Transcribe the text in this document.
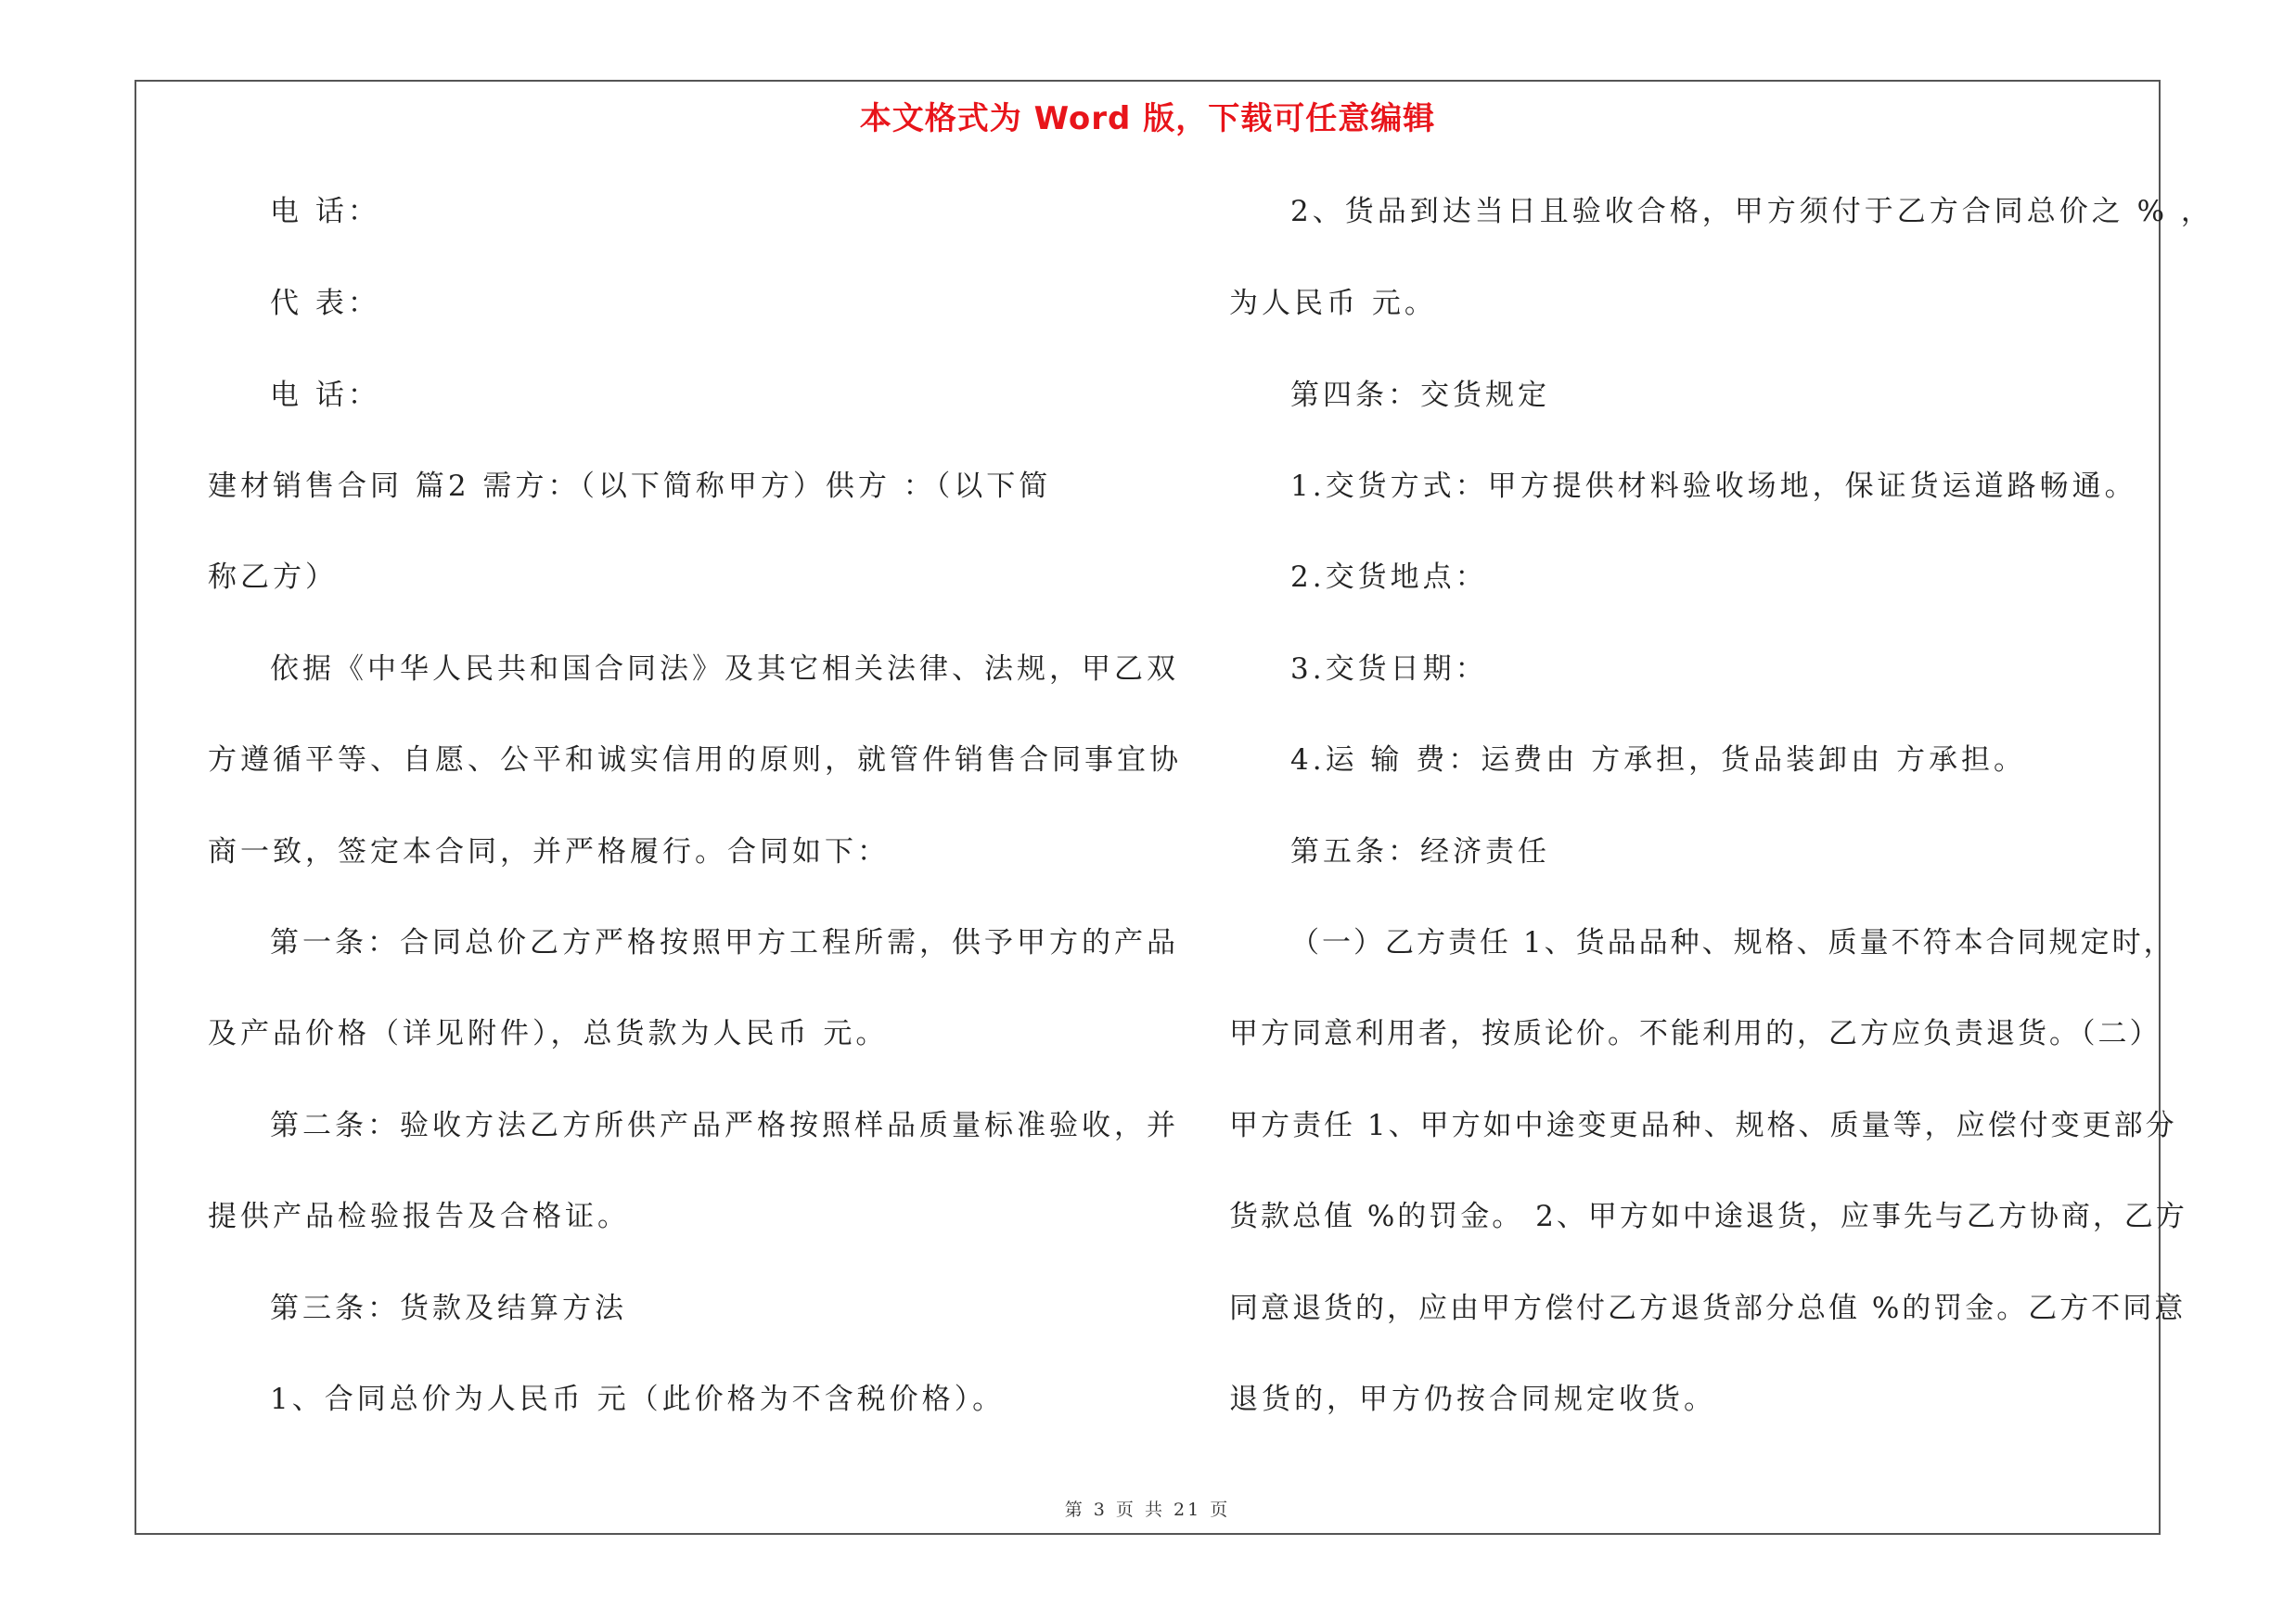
本文格式为 Word 版，下载可任意编辑
电 话：
代 表：
电 话：
建材销售合同 篇2 需方：（以下简称甲方）供方 ：（以下简
称乙方）
依据《中华人民共和国合同法》及其它相关法律、法规，甲乙双
方遵循平等、自愿、公平和诚实信用的原则，就管件销售合同事宜协
商一致，签定本合同，并严格履行。合同如下：
第一条：合同总价乙方严格按照甲方工程所需，供予甲方的产品
及产品价格（详见附件），总货款为人民币 元。
第二条：验收方法乙方所供产品严格按照样品质量标准验收，并
提供产品检验报告及合格证。
第三条：货款及结算方法
1、合同总价为人民币 元（此价格为不含税价格）。
2、货品到达当日且验收合格，甲方须付于乙方合同总价之 % ，
为人民币 元。
第四条：交货规定
1.交货方式：甲方提供材料验收场地，保证货运道路畅通。
2.交货地点：
3.交货日期：
4.运 输 费：运费由 方承担，货品装卸由 方承担。
第五条：经济责任
（一）乙方责任 1、货品品种、规格、质量不符本合同规定时，
甲方同意利用者，按质论价。不能利用的，乙方应负责退货。（二）
甲方责任 1、甲方如中途变更品种、规格、质量等，应偿付变更部分
货款总值 %的罚金。 2、甲方如中途退货，应事先与乙方协商，乙方
同意退货的，应由甲方偿付乙方退货部分总值 %的罚金。乙方不同意
退货的，甲方仍按合同规定收货。
第 3 页 共 21 页
